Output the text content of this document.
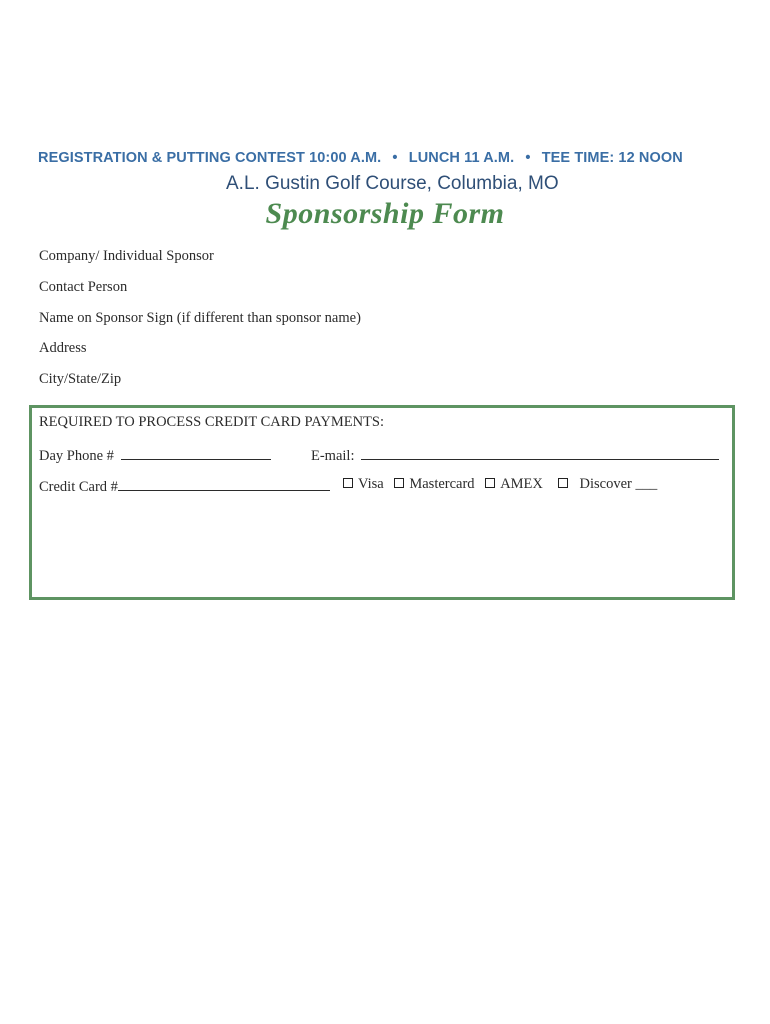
REGISTRATION & PUTTING CONTEST 10:00 A.M. • LUNCH 11 A.M. • TEE TIME: 12 NOON
A.L. Gustin Golf Course, Columbia, MO
Sponsorship Form
Company/ Individual Sponsor
Contact Person
Name on Sponsor Sign (if different than sponsor name)
Address
City/State/Zip
REQUIRED TO PROCESS CREDIT CARD PAYMENTS:
Day Phone #	E-mail:
Credit Card #	Visa Mastercard AMEX	Discover ___
